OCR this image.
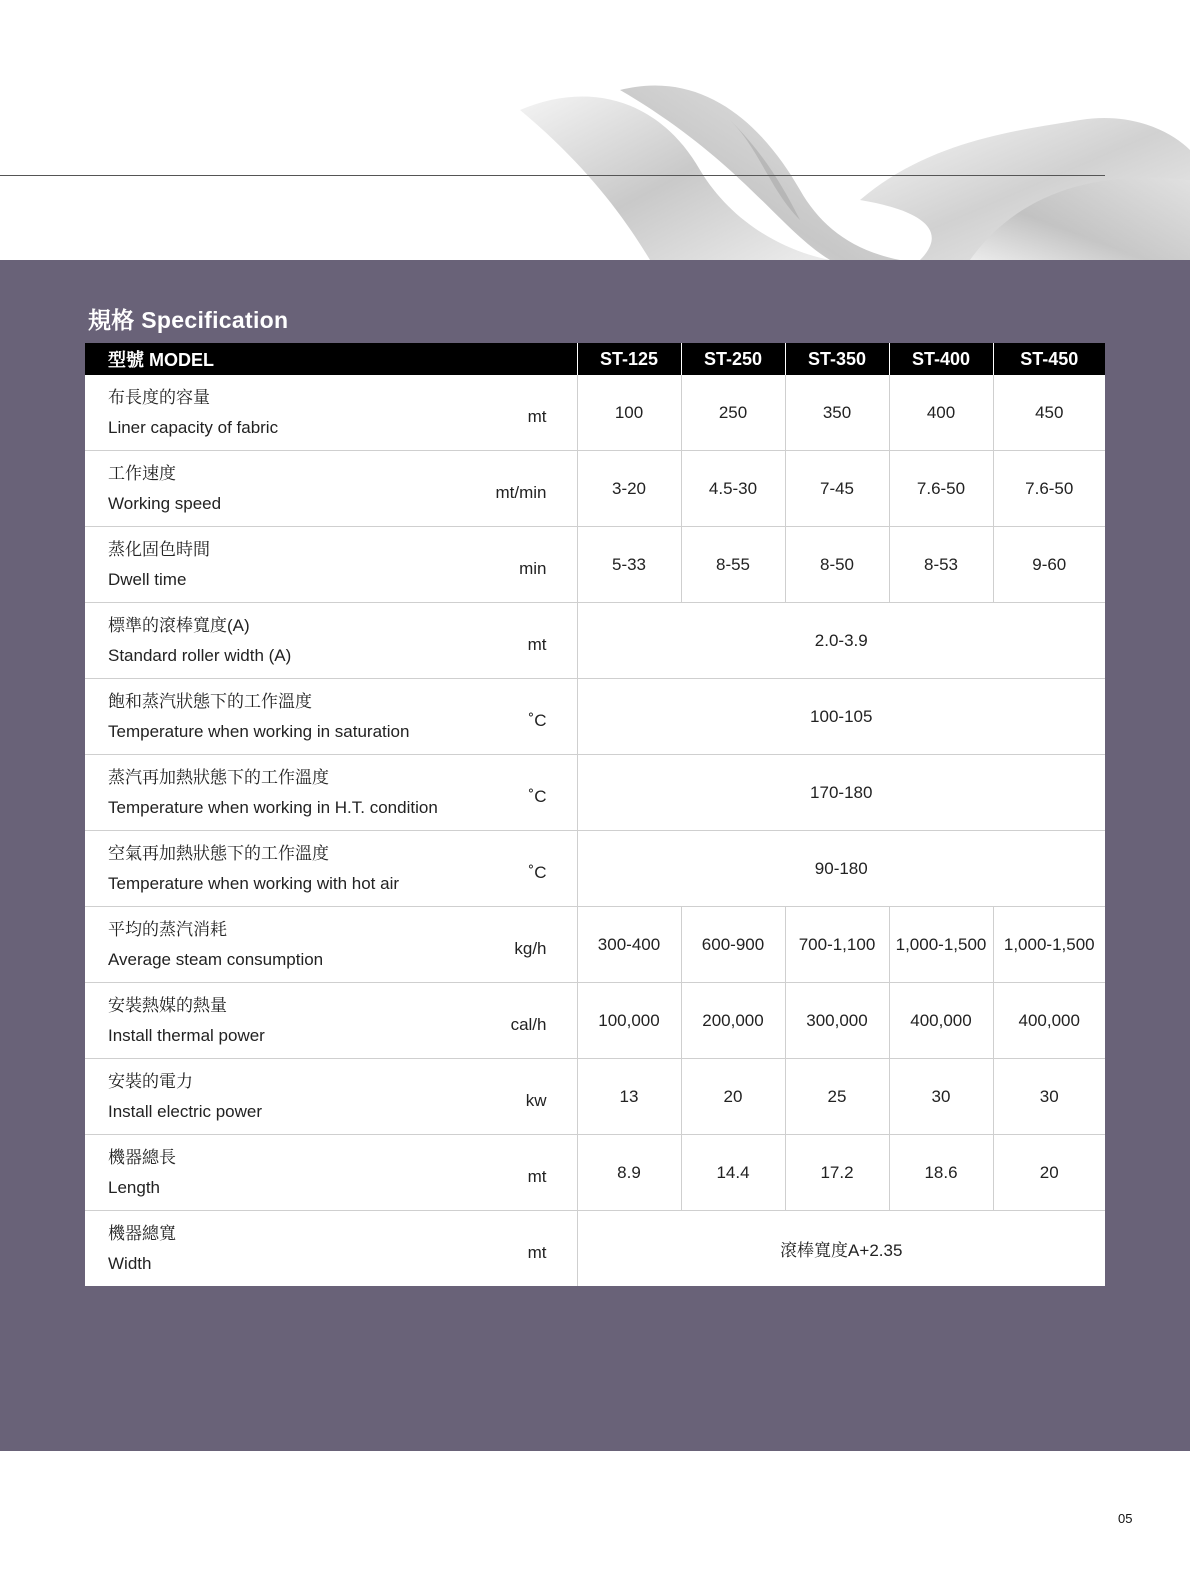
規格 Specification
型號 MODEL		ST-125	ST-250	ST-350	ST-400	ST-450

布長度的容量
Liner capacity of fabric	mt	100	250	350	400	450

工作速度
Working speed	mt/min	3-20	4.5-30	7-45	7.6-50	7.6-50

蒸化固色時間
Dwell time	min	5-33	8-55	8-50	8-53	9-60

標準的滾棒寬度(A)
Standard roller width (A)	mt	2.0-3.9				

飽和蒸汽狀態下的工作溫度
Temperature when working in saturation	˚C	100-105				

蒸汽再加熱狀態下的工作溫度
Temperature when working in H.T. condition	˚C	170-180				

空氣再加熱狀態下的工作溫度
Temperature when working with hot air	˚C	90-180				

平均的蒸汽消耗
Average steam consumption	kg/h	300-400	600-900	700-1,100	1,000-1,500	1,000-1,500

安裝熱媒的熱量
Install thermal power	cal/h	100,000	200,000	300,000	400,000	400,000

安裝的電力
Install electric power	kw	13	20	25	30	30

機器總長
Length	mt	8.9	14.4	17.2	18.6	20

機器總寬
Width	mt	滾棒寬度A+2.35				
05
